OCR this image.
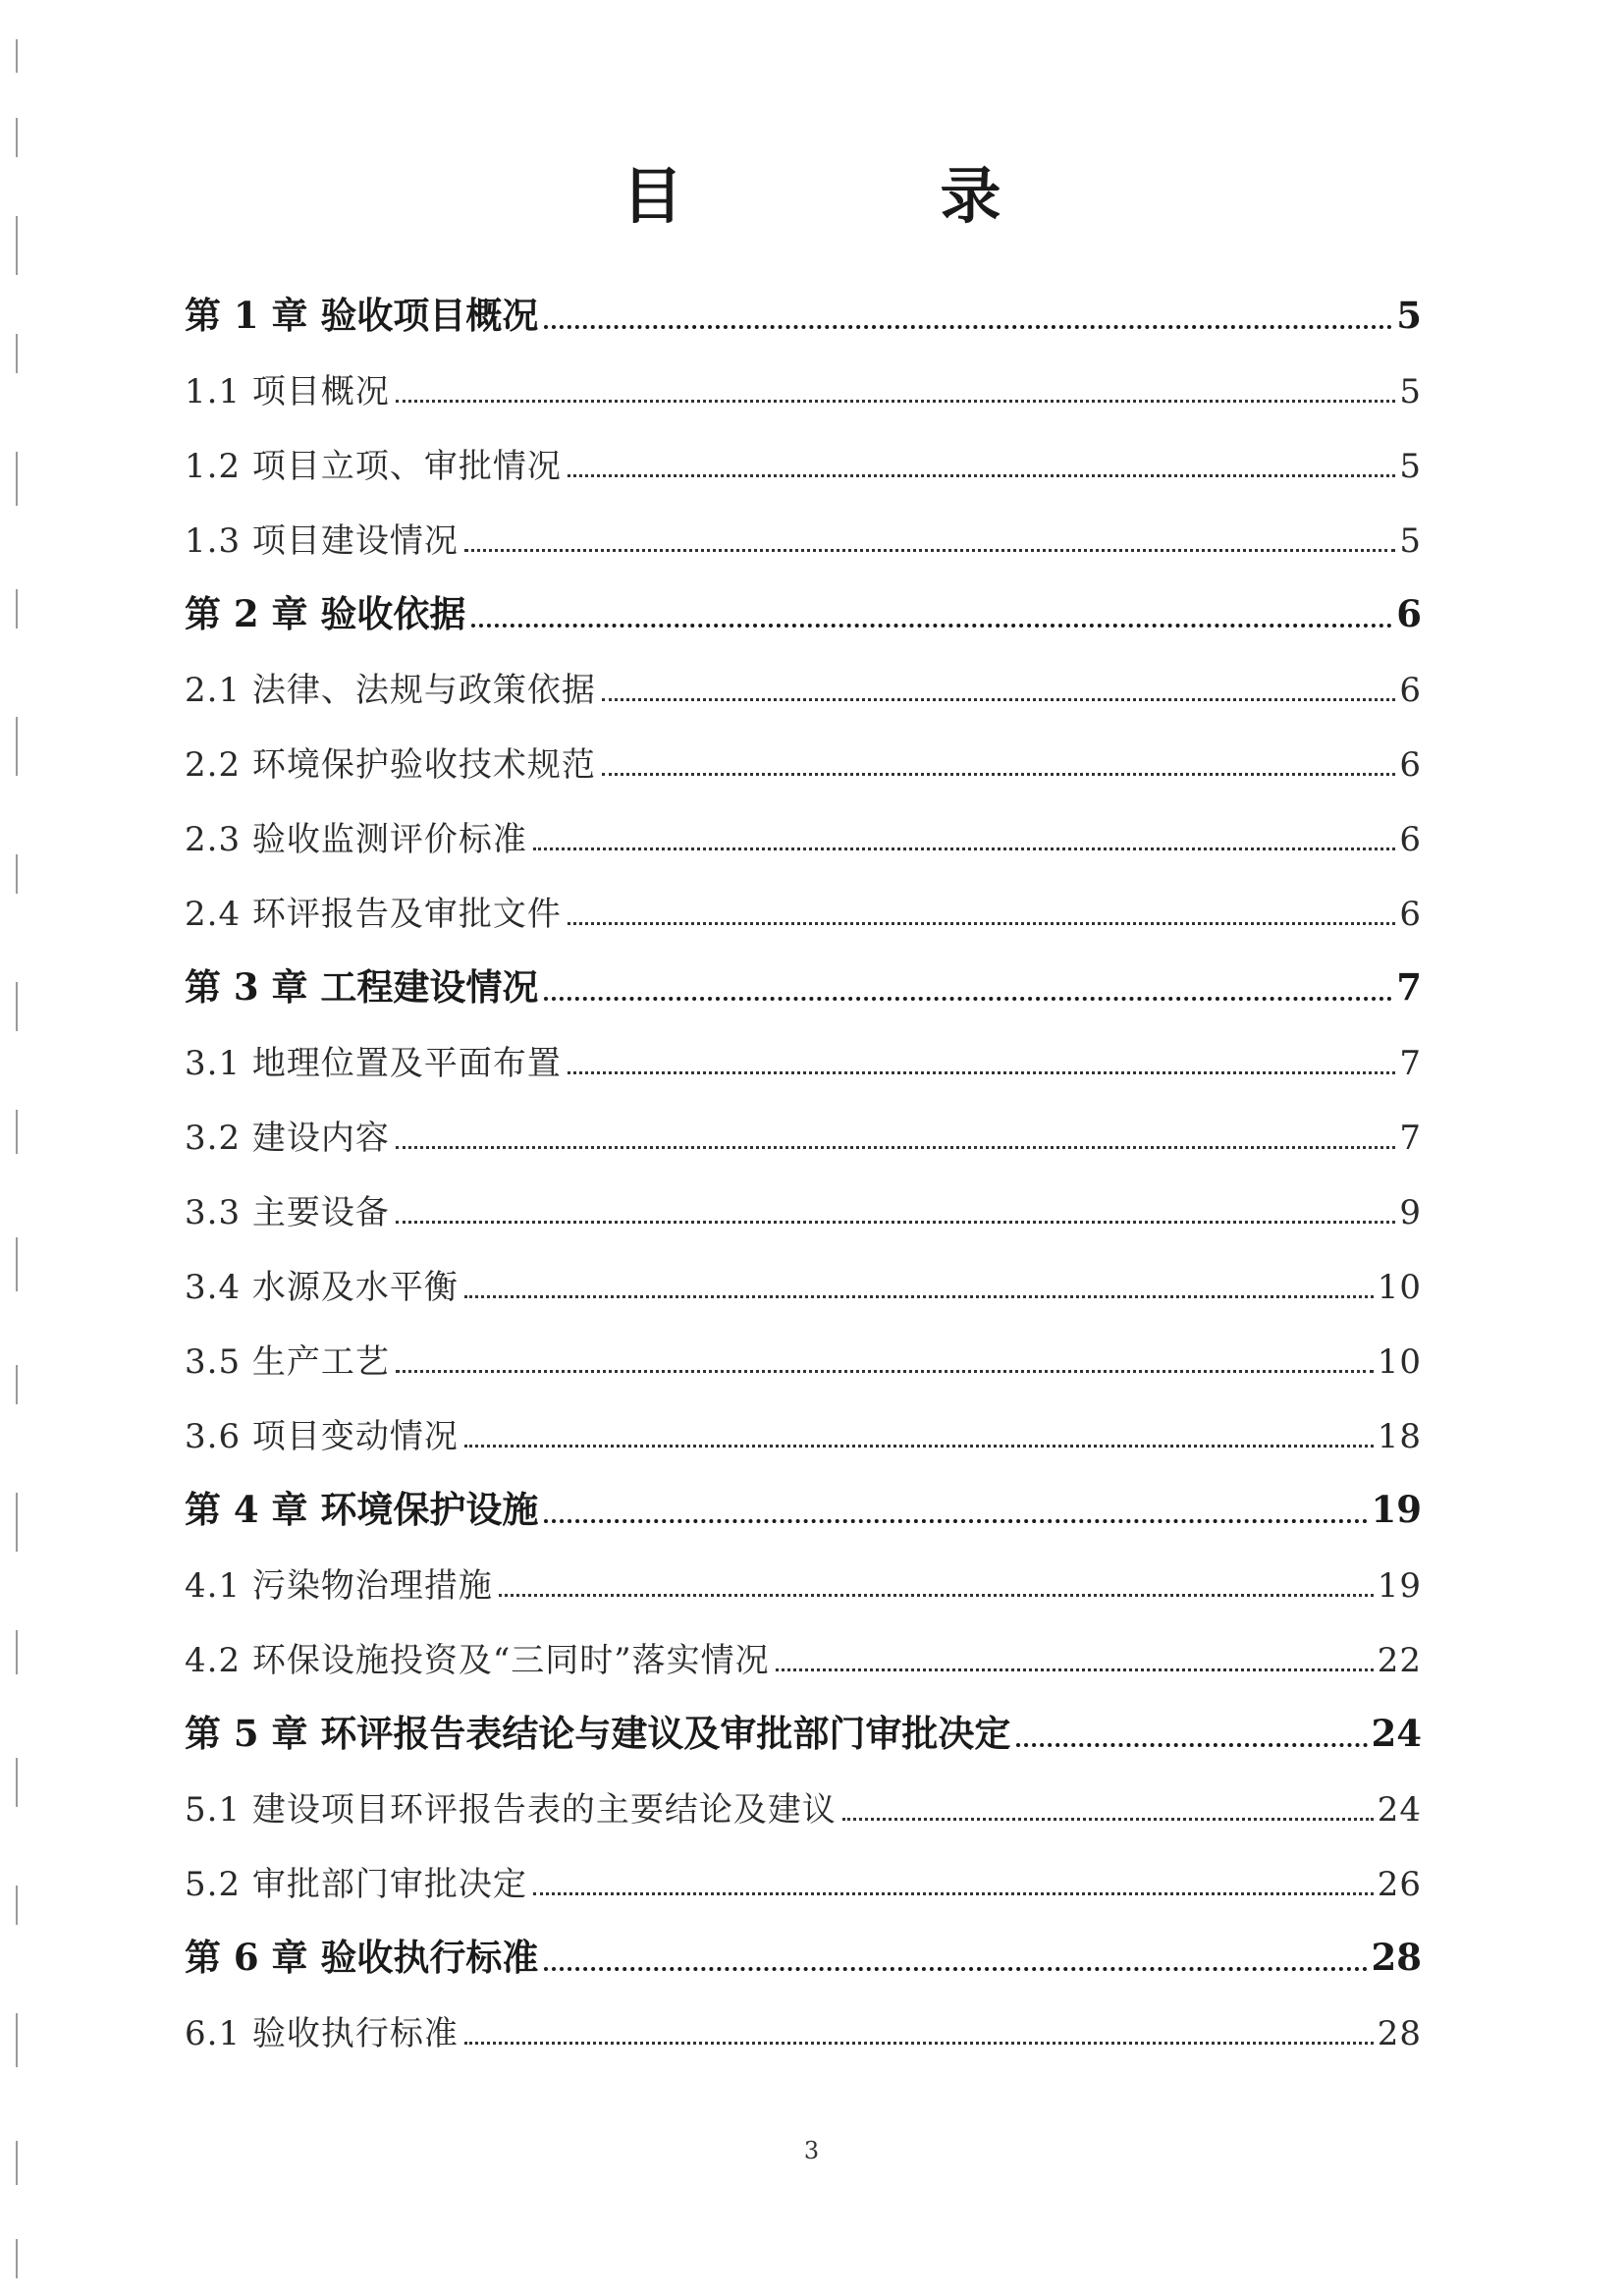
目　录
第 1 章 验收项目概况	5
1.1 项目概况	5
1.2 项目立项、审批情况	5
1.3 项目建设情况	5
第 2 章 验收依据	6
2.1 法律、法规与政策依据	6
2.2 环境保护验收技术规范	6
2.3 验收监测评价标准	6
2.4 环评报告及审批文件	6
第 3 章 工程建设情况	7
3.1 地理位置及平面布置	7
3.2 建设内容	7
3.3 主要设备	9
3.4 水源及水平衡	10
3.5 生产工艺	10
3.6 项目变动情况	18
第 4 章 环境保护设施	19
4.1 污染物治理措施	19
4.2 环保设施投资及“三同时”落实情况	22
第 5 章 环评报告表结论与建议及审批部门审批决定	24
5.1 建设项目环评报告表的主要结论及建议	24
5.2 审批部门审批决定	26
第 6 章 验收执行标准	28
6.1 验收执行标准	28
3
